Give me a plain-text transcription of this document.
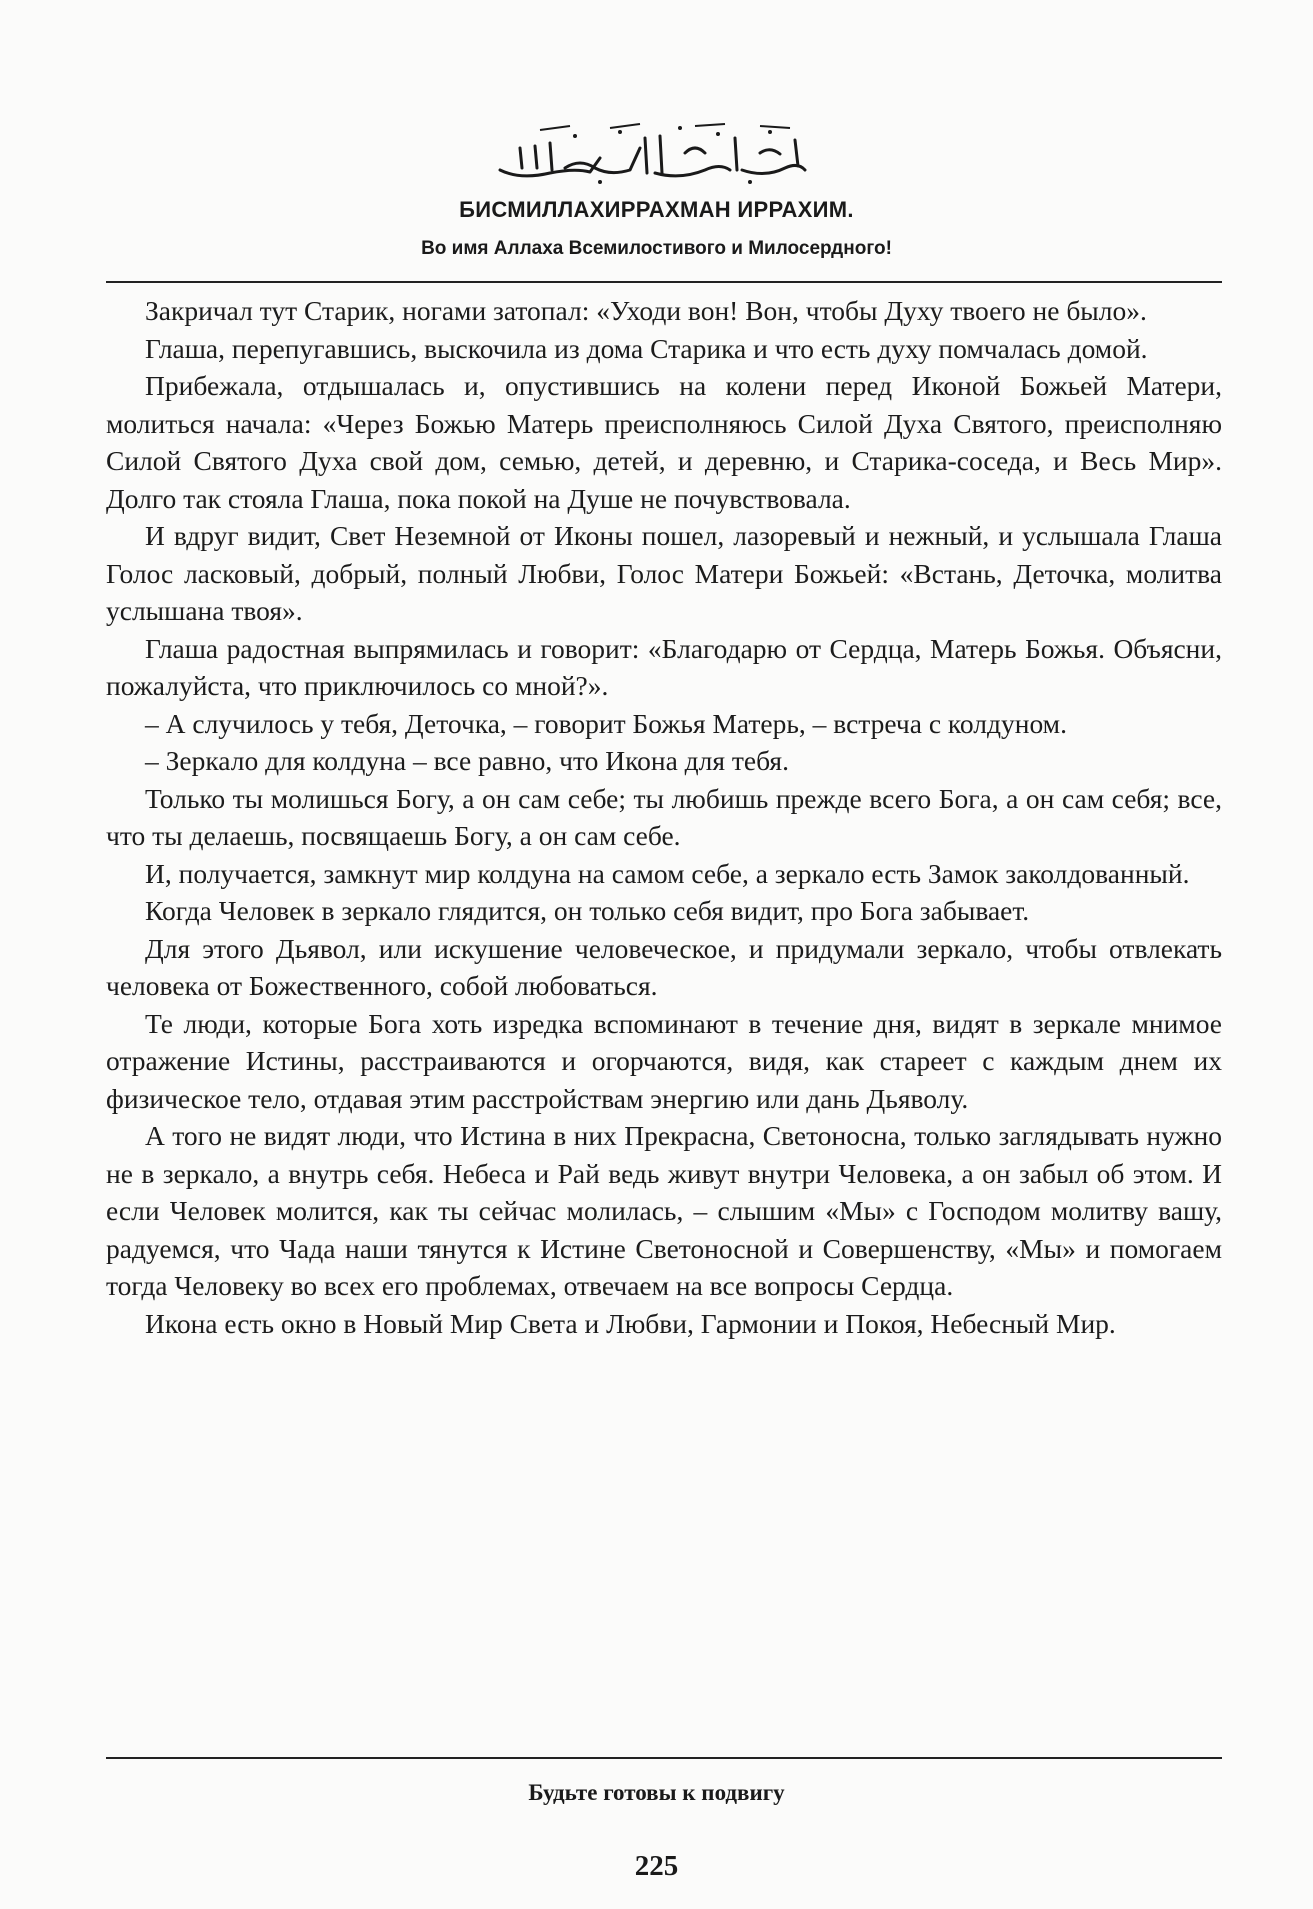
БИСМИЛЛАХИРРАХМАН ИРРАХИМ.
Во имя Аллаха Всемилостивого и Милосердного!

Закричал тут Старик, ногами затопал: «Уходи вон! Вон, чтобы Духу твоего не было».

Глаша, перепугавшись, выскочила из дома Старика и что есть духу помчалась домой.

Прибежала, отдышалась и, опустившись на колени перед Иконой Божьей Матери, молиться начала: «Через Божью Матерь преисполняюсь Силой Духа Святого, преисполняю Силой Святого Духа свой дом, семью, детей, и деревню, и Старика-соседа, и Весь Мир». Долго так стояла Глаша, пока покой на Душе не почувствовала.

И вдруг видит, Свет Неземной от Иконы пошел, лазоревый и нежный, и услышала Глаша Голос ласковый, добрый, полный Любви, Голос Матери Божьей: «Встань, Деточка, молитва услышана твоя».

Глаша радостная выпрямилась и говорит: «Благодарю от Сердца, Матерь Божья. Объясни, пожалуйста, что приключилось со мной?».

– А случилось у тебя, Деточка, – говорит Божья Матерь, – встреча с колдуном.

– Зеркало для колдуна – все равно, что Икона для тебя.

Только ты молишься Богу, а он сам себе; ты любишь прежде всего Бога, а он сам себя; все, что ты делаешь, посвящаешь Богу, а он сам себе.

И, получается, замкнут мир колдуна на самом себе, а зеркало есть Замок заколдованный.

Когда Человек в зеркало глядится, он только себя видит, про Бога забывает.

Для этого Дьявол, или искушение человеческое, и придумали зеркало, чтобы отвлекать человека от Божественного, собой любоваться.

Те люди, которые Бога хоть изредка вспоминают в течение дня, видят в зеркале мнимое отражение Истины, расстраиваются и огорчаются, видя, как стареет с каждым днем их физическое тело, отдавая этим расстройствам энергию или дань Дьяволу.

А того не видят люди, что Истина в них Прекрасна, Светоносна, только заглядывать нужно не в зеркало, а внутрь себя. Небеса и Рай ведь живут внутри Человека, а он забыл об этом. И если Человек молится, как ты сейчас молилась, – слышим «Мы» с Господом молитву вашу, радуемся, что Чада наши тянутся к Истине Светоносной и Совершенству, «Мы» и помогаем тогда Человеку во всех его проблемах, отвечаем на все вопросы Сердца.

Икона есть окно в Новый Мир Света и Любви, Гармонии и Покоя, Небесный Мир.

Будьте готовы к подвигу
225
